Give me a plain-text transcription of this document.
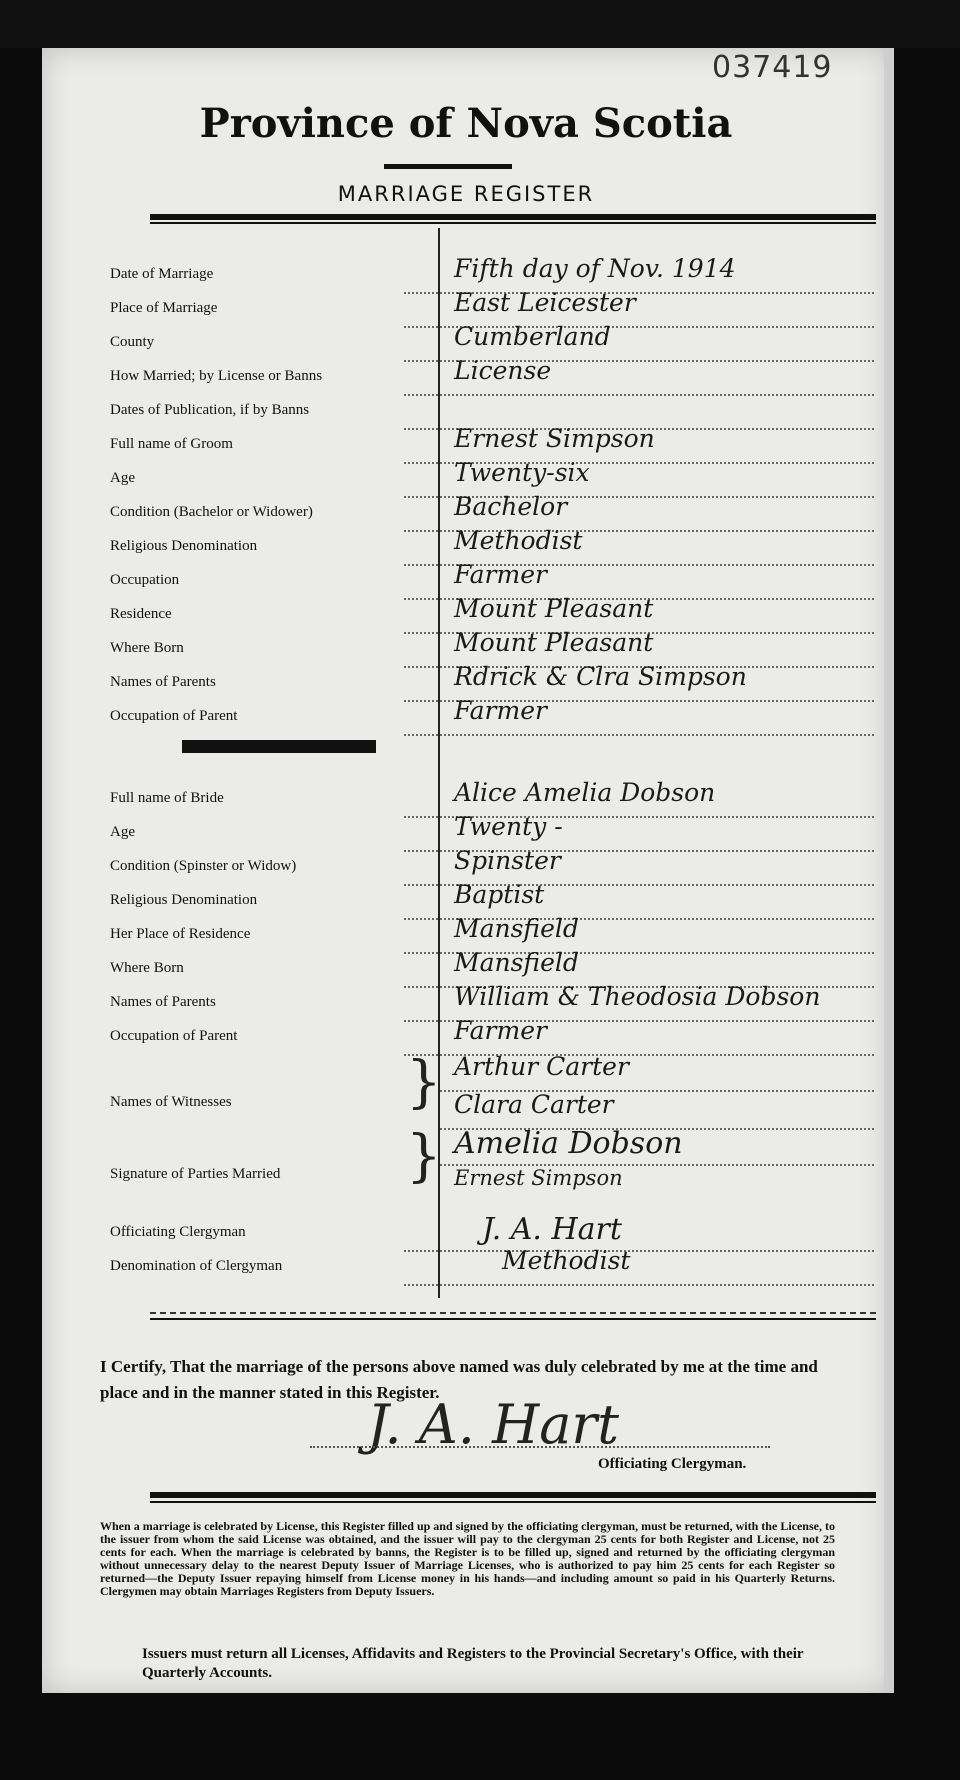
Province of Nova Scotia
MARRIAGE REGISTER
Date of Marriage	Fifth day of Nov. 1914
Place of Marriage	East Leicester
County	Cumberland
How Married; by License or Banns	License
Dates of Publication, if by Banns
Full name of Groom	Ernest Simpson
Age	Twenty-six
Condition (Bachelor or Widower)	Bachelor
Religious Denomination	Methodist
Occupation	Farmer
Residence	Mount Pleasant
Where Born	Mount Pleasant
Names of Parents	Rdrick & Clra Simpson
Occupation of Parent	Farmer
Full name of Bride	Alice Amelia Dobson
Age	Twenty -
Condition (Spinster or Widow)	Spinster
Religious Denomination	Baptist
Her Place of Residence	Mansfield
Where Born	Mansfield
Names of Parents	William & Theodosia Dobson
Occupation of Parent	Farmer
Names of Witnesses	} Arthur Carter
Clara Carter
Signature of Parties Married	} Amelia Dobson
Ernest Simpson
Officiating Clergyman	J. A. Hart
Denomination of Clergyman	Methodist
I Certify, That the marriage of the persons above named was duly celebrated by me at the time and place and in the manner stated in this Register.
J. A. Hart
Officiating Clergyman.
When a marriage is celebrated by License, this Register filled up and signed by the officiating clergyman, must be returned, with the License, to the issuer from whom the said License was obtained, and the issuer will pay to the clergyman 25 cents for both Register and License, not 25 cents for each. When the marriage is celebrated by banns, the Register is to be filled up, signed and returned by the officiating clergyman without unnecessary delay to the nearest Deputy Issuer of Marriage Licenses, who is authorized to pay him 25 cents for each Register so returned—the Deputy Issuer repaying himself from License money in his hands—and including amount so paid in his Quarterly Returns. Clergymen may obtain Marriages Registers from Deputy Issuers.
Issuers must return all Licenses, Affidavits and Registers to the Provincial Secretary's Office, with their Quarterly Accounts.
037419
